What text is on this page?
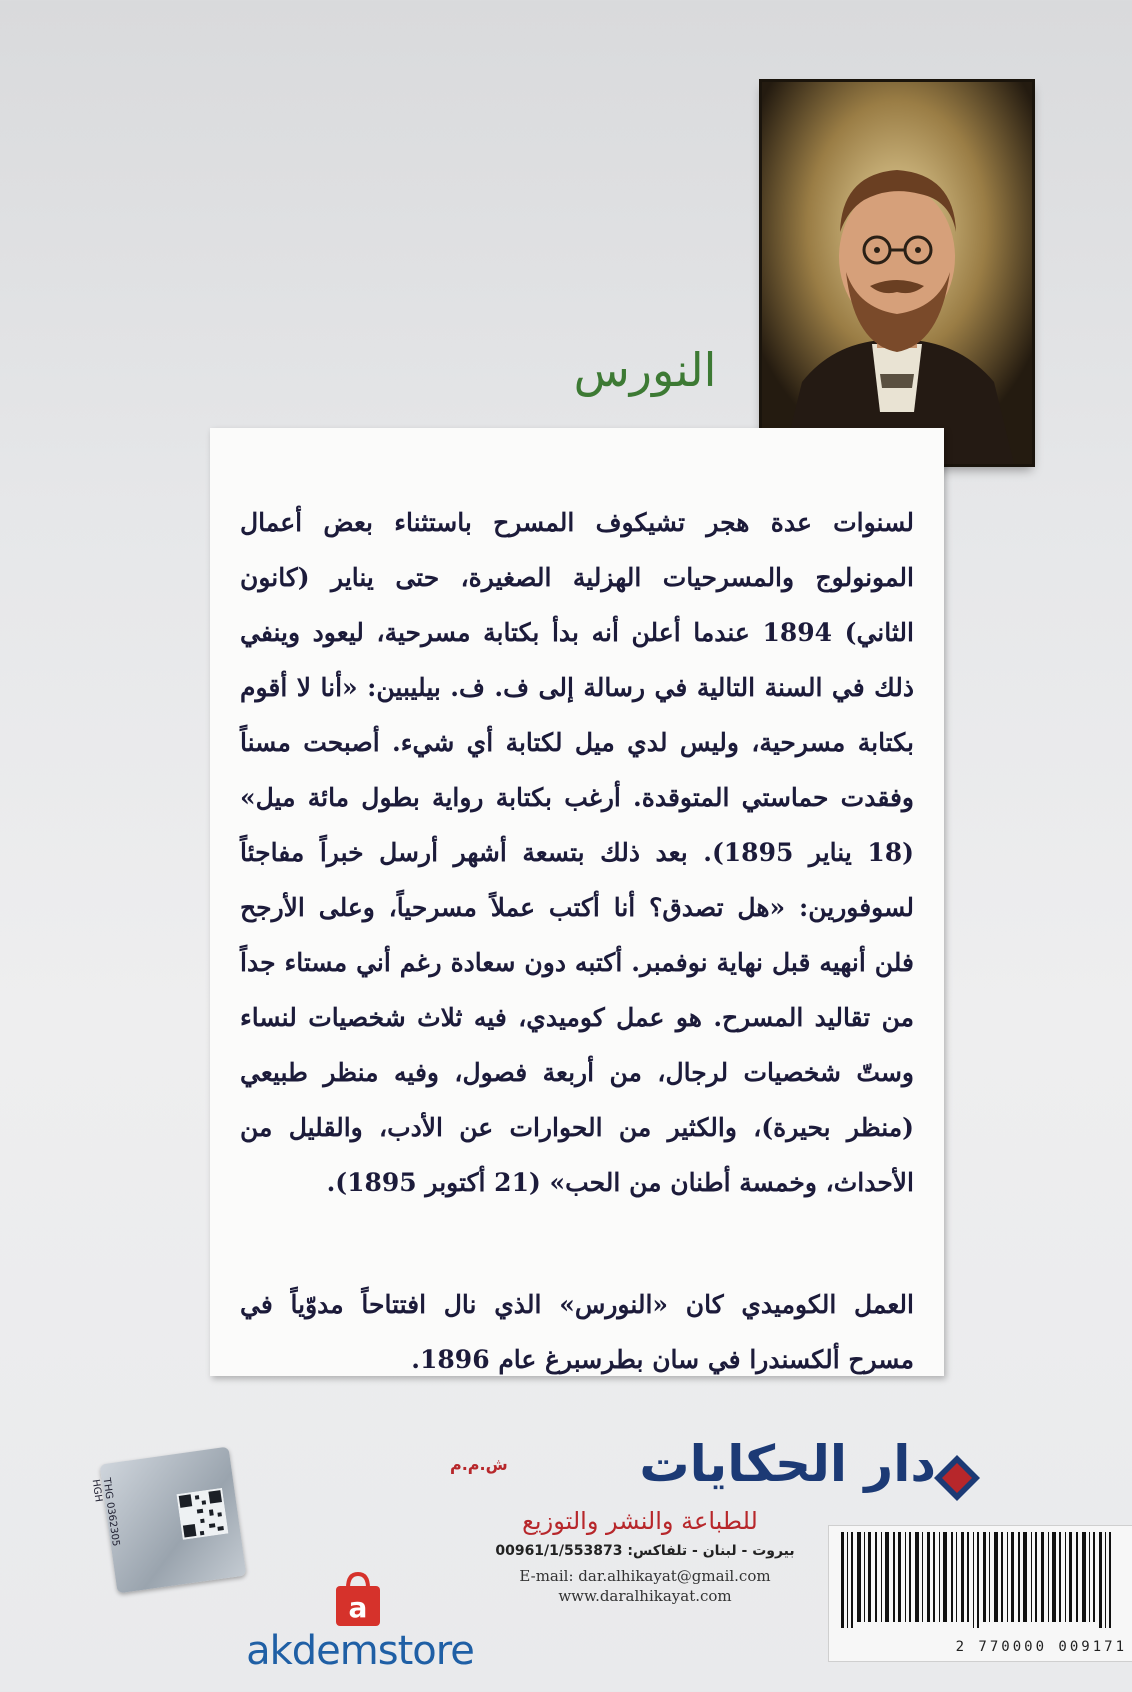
النورس

لسنوات عدة هجر تشيكوف المسرح باستثناء بعض أعمال المونولوج والمسرحيات الهزلية الصغيرة، حتى يناير (كانون الثاني) 1894 عندما أعلن أنه بدأ بكتابة مسرحية، ليعود وينفي ذلك في السنة التالية في رسالة إلى ف. ف. بيليبين: «أنا لا أقوم بكتابة مسرحية، وليس لدي ميل لكتابة أي شيء. أصبحت مسناً وفقدت حماستي المتوقدة. أرغب بكتابة رواية بطول مائة ميل» (18 يناير 1895). بعد ذلك بتسعة أشهر أرسل خبراً مفاجئاً لسوفورين: «هل تصدق؟ أنا أكتب عملاً مسرحياً، وعلى الأرجح فلن أنهيه قبل نهاية نوفمبر. أكتبه دون سعادة رغم أني مستاء جداً من تقاليد المسرح. هو عمل كوميدي، فيه ثلاث شخصيات لنساء وستّ شخصيات لرجال، من أربعة فصول، وفيه منظر طبيعي (منظر بحيرة)، والكثير من الحوارات عن الأدب، والقليل من الأحداث، وخمسة أطنان من الحب» (21 أكتوبر 1895).

العمل الكوميدي كان «النورس» الذي نال افتتاحاً مدوّياً في مسرح ألكسندرا في سان بطرسبرغ عام 1896.

دار الحكايات
ش.م.م
للطباعة والنشر والتوزيع
بيروت - لبنان - تلفاكس: 00961/1/553873
E-mail: dar.alhikayat@gmail.com
www.daralhikayat.com
2 770000 009171
THG 0362305 HGH
a
akdemstore
